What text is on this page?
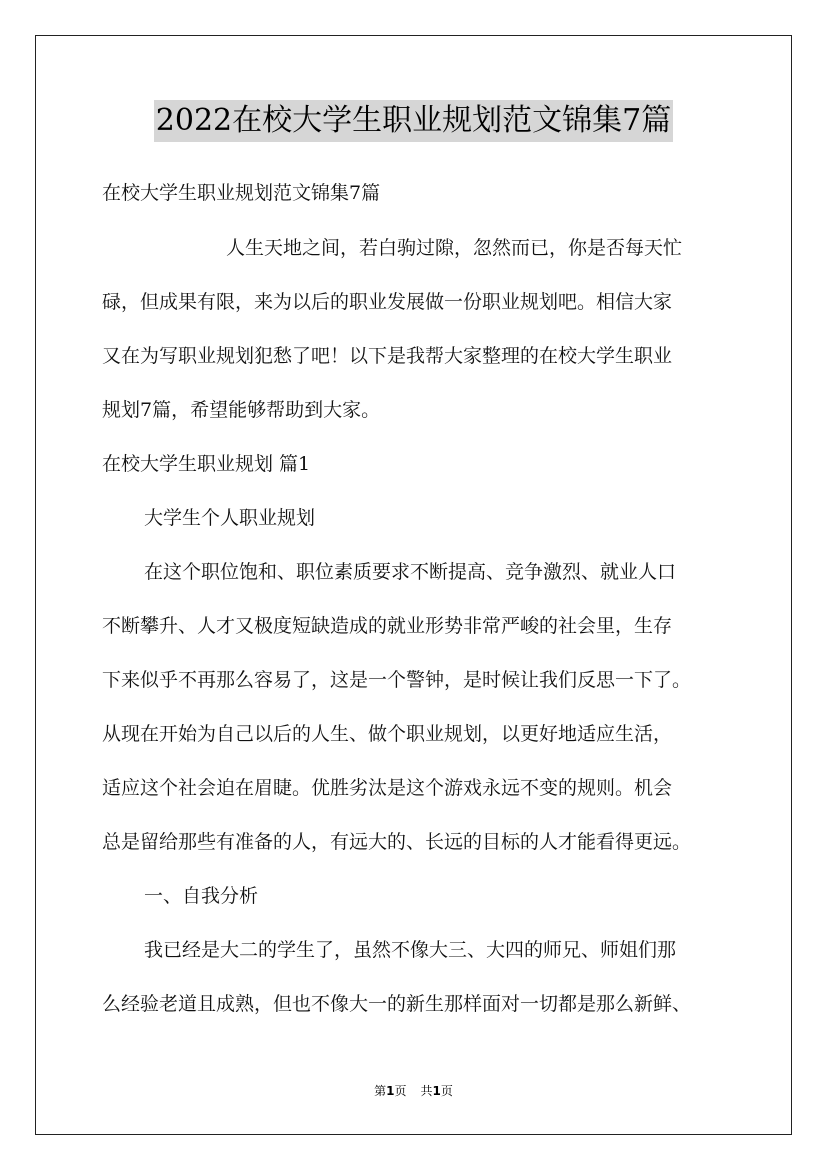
2022在校大学生职业规划范文锦集7篇

在校大学生职业规划范文锦集7篇

人生天地之间，若白驹过隙，忽然而已，你是否每天忙

碌，但成果有限，来为以后的职业发展做一份职业规划吧。相信大家

又在为写职业规划犯愁了吧！以下是我帮大家整理的在校大学生职业

规划7篇，希望能够帮助到大家。

在校大学生职业规划 篇1

大学生个人职业规划

在这个职位饱和、职位素质要求不断提高、竞争激烈、就业人口

不断攀升、人才又极度短缺造成的就业形势非常严峻的社会里，生存

下来似乎不再那么容易了，这是一个警钟，是时候让我们反思一下了。

从现在开始为自己以后的人生、做个职业规划，以更好地适应生活，

适应这个社会迫在眉睫。优胜劣汰是这个游戏永远不变的规则。机会

总是留给那些有准备的人，有远大的、长远的目标的人才能看得更远。

一、自我分析

我已经是大二的学生了，虽然不像大三、大四的师兄、师姐们那

么经验老道且成熟，但也不像大一的新生那样面对一切都是那么新鲜、

第1页 共1页
